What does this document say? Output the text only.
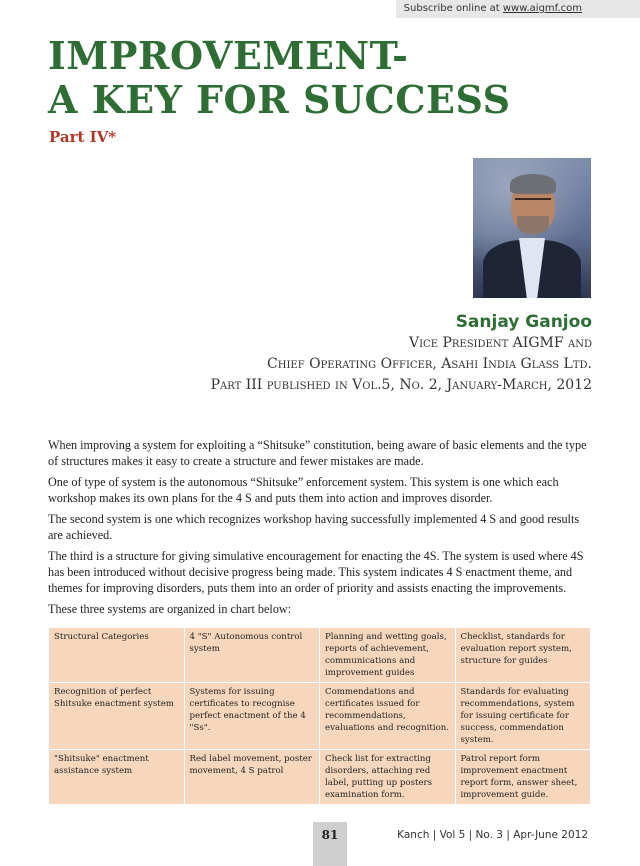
Subscribe online at www.aigmf.com
IMPROVEMENT-
A KEY FOR SUCCESS
Part IV*
Sanjay Ganjoo
Vice President AIGMF and
Chief Operating Officer, Asahi India Glass Ltd.
Part III published in Vol.5, No. 2, January-March, 2012

When improving a system for exploiting a “Shitsuke” constitution, being aware of basic elements and the type of structures makes it easy to create a structure and fewer mistakes are made.

One of type of system is the autonomous “Shitsuke” enforcement system. This system is one which each workshop makes its own plans for the 4 S and puts them into action and improves disorder.

The second system is one which recognizes workshop having successfully implemented 4 S and good results are achieved.

The third is a structure for giving simulative encouragement for enacting the 4S. The system is used where 4S has been introduced without decisive progress being made. This system indicates 4 S enactment theme, and themes for improving disorders, puts them into an order of priority and assists enacting the improvements.

These three systems are organized in chart below:

Structural Categories	4 "S" Autonomous control system	Planning and wetting goals, reports of achievement, communications and improvement guides	Checklist, standards for evaluation report system, structure for guides
Recognition of perfect Shitsuke enactment system	Systems for issuing certificates to recognise perfect enactment of the 4 "Ss".	Commendations and certificates issued for recommendations, evaluations and recognition.	Standards for evaluating recommendations, system for issuing certificate for success, commendation system.
"Shitsuke" enactment assistance system	Red label movement, poster movement, 4 S patrol	Check list for extracting disorders, attaching red label, putting up posters examination form.	Patrol report form improvement enactment report form, answer sheet, improvement guide.
81	Kanch | Vol 5 | No. 3 | Apr-June 2012
